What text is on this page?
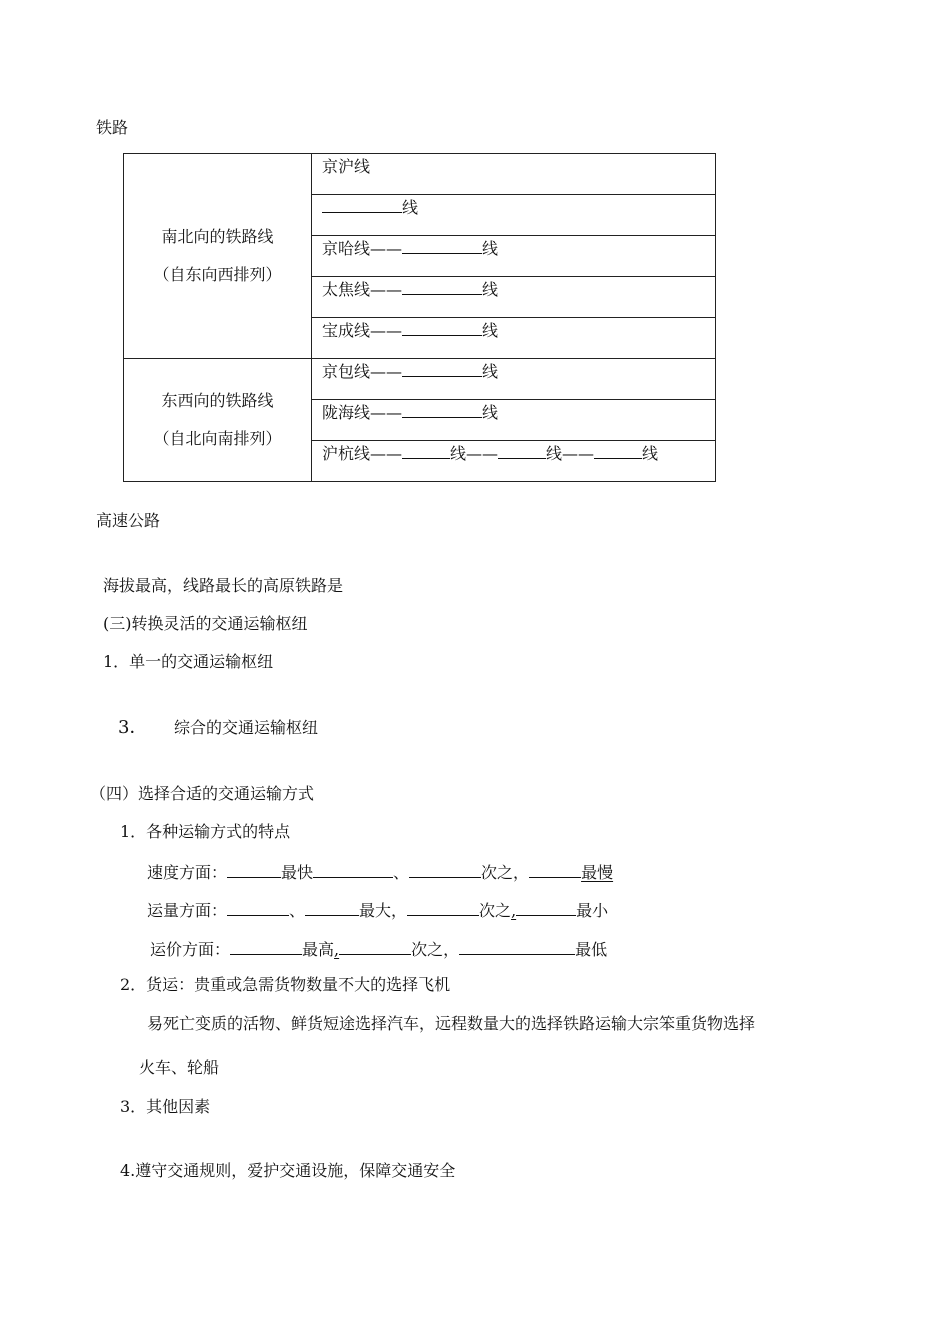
铁路
南北向的铁路线
（自东向西排列）	京沪线
	线
	京哈线—— 线
	太焦线—— 线
	宝成线—— 线

东西向的铁路线
（自北向南排列）	京包线—— 线
	陇海线—— 线
	沪杭线—— 线—— 线—— 线
高速公路
海拔最高，线路最长的高原铁路是
(三)转换灵活的交通运输枢纽
1．单一的交通运输枢纽
3． 综合的交通运输枢纽
（四）选择合适的交通运输方式
1．各种运输方式的特点
速度方面：	最快	、	次之，	最慢
运量方面：	、	最大，	次之,	最小
运价方面：	最高,	次之，	最低
2．货运：贵重或急需货物数量不大的选择飞机
易死亡变质的活物、鲜货短途选择汽车，远程数量大的选择铁路运输大宗笨重货物选择
火车、轮船
3．其他因素
4.遵守交通规则，爱护交通设施，保障交通安全
